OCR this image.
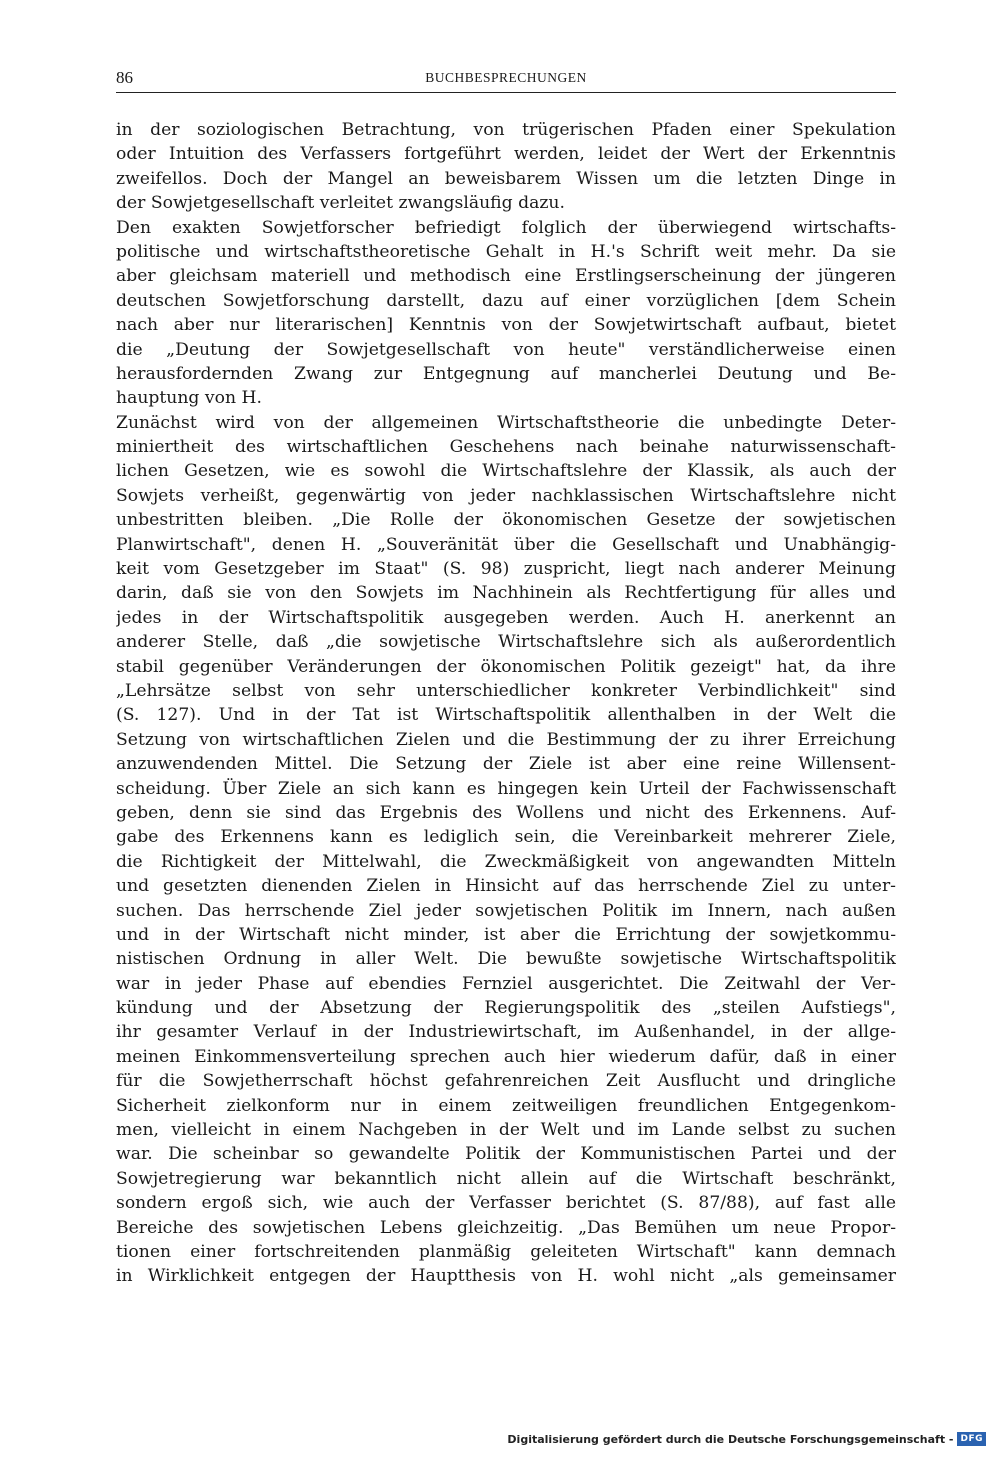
86	BUCHBESPRECHUNGEN
in der soziologischen Betrachtung, von trügerischen Pfaden einer Spekulation
oder Intuition des Verfassers fortgeführt werden, leidet der Wert der Erkenntnis
zweifellos. Doch der Mangel an beweisbarem Wissen um die letzten Dinge in
der Sowjetgesellschaft verleitet zwangsläufig dazu.
Den exakten Sowjetforscher befriedigt folglich der überwiegend wirtschafts-
politische und wirtschaftstheoretische Gehalt in H.'s Schrift weit mehr. Da sie
aber gleichsam materiell und methodisch eine Erstlingserscheinung der jüngeren
deutschen Sowjetforschung darstellt, dazu auf einer vorzüglichen [dem Schein
nach aber nur literarischen] Kenntnis von der Sowjetwirtschaft aufbaut, bietet
die „Deutung der Sowjetgesellschaft von heute" verständlicherweise einen
herausfordernden Zwang zur Entgegnung auf mancherlei Deutung und Be-
hauptung von H.
Zunächst wird von der allgemeinen Wirtschaftstheorie die unbedingte Deter-
miniertheit des wirtschaftlichen Geschehens nach beinahe naturwissenschaft-
lichen Gesetzen, wie es sowohl die Wirtschaftslehre der Klassik, als auch der
Sowjets verheißt, gegenwärtig von jeder nachklassischen Wirtschaftslehre nicht
unbestritten bleiben. „Die Rolle der ökonomischen Gesetze der sowjetischen
Planwirtschaft", denen H. „Souveränität über die Gesellschaft und Unabhängig-
keit vom Gesetzgeber im Staat" (S. 98) zuspricht, liegt nach anderer Meinung
darin, daß sie von den Sowjets im Nachhinein als Rechtfertigung für alles und
jedes in der Wirtschaftspolitik ausgegeben werden. Auch H. anerkennt an
anderer Stelle, daß „die sowjetische Wirtschaftslehre sich als außerordentlich
stabil gegenüber Veränderungen der ökonomischen Politik gezeigt" hat, da ihre
„Lehrsätze selbst von sehr unterschiedlicher konkreter Verbindlichkeit" sind
(S. 127). Und in der Tat ist Wirtschaftspolitik allenthalben in der Welt die
Setzung von wirtschaftlichen Zielen und die Bestimmung der zu ihrer Erreichung
anzuwendenden Mittel. Die Setzung der Ziele ist aber eine reine Willensent-
scheidung. Über Ziele an sich kann es hingegen kein Urteil der Fachwissenschaft
geben, denn sie sind das Ergebnis des Wollens und nicht des Erkennens. Auf-
gabe des Erkennens kann es lediglich sein, die Vereinbarkeit mehrerer Ziele,
die Richtigkeit der Mittelwahl, die Zweckmäßigkeit von angewandten Mitteln
und gesetzten dienenden Zielen in Hinsicht auf das herrschende Ziel zu unter-
suchen. Das herrschende Ziel jeder sowjetischen Politik im Innern, nach außen
und in der Wirtschaft nicht minder, ist aber die Errichtung der sowjetkommu-
nistischen Ordnung in aller Welt. Die bewußte sowjetische Wirtschaftspolitik
war in jeder Phase auf ebendies Fernziel ausgerichtet. Die Zeitwahl der Ver-
kündung und der Absetzung der Regierungspolitik des „steilen Aufstiegs",
ihr gesamter Verlauf in der Industriewirtschaft, im Außenhandel, in der allge-
meinen Einkommensverteilung sprechen auch hier wiederum dafür, daß in einer
für die Sowjetherrschaft höchst gefahrenreichen Zeit Ausflucht und dringliche
Sicherheit zielkonform nur in einem zeitweiligen freundlichen Entgegenkom-
men, vielleicht in einem Nachgeben in der Welt und im Lande selbst zu suchen
war. Die scheinbar so gewandelte Politik der Kommunistischen Partei und der
Sowjetregierung war bekanntlich nicht allein auf die Wirtschaft beschränkt,
sondern ergoß sich, wie auch der Verfasser berichtet (S. 87/88), auf fast alle
Bereiche des sowjetischen Lebens gleichzeitig. „Das Bemühen um neue Propor-
tionen einer fortschreitenden planmäßig geleiteten Wirtschaft" kann demnach
in Wirklichkeit entgegen der Hauptthesis von H. wohl nicht „als gemeinsamer
Digitalisierung gefördert durch die Deutsche Forschungsgemeinschaft - DFG
